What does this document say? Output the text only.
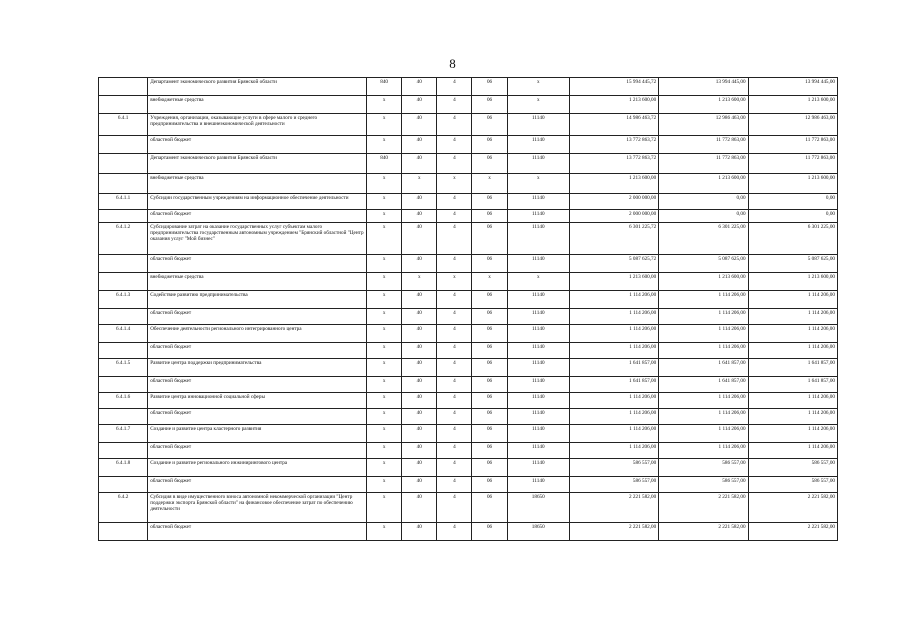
8
	Департамент экономического развития Брянской области	840	40	4	06	х	15 994 445,72	13 994 445,00	13 994 445,00
	внебюджетные средства	х	40	4	06	х	1 213 600,00	1 213 600,00	1 213 600,00
6.4.1	Учреждения, организации, оказывающие услуги в сфере малого и среднего предпринимательства и внешнеэкономической деятельности	х	40	4	06	11140	14 986 463,72	12 986 463,00	12 986 463,00
	областной бюджет	х	40	4	06	11140	13 772 863,72	11 772 863,00	11 772 863,00
	Департамент экономического развития Брянской области	840	40	4	06	11140	13 772 863,72	11 772 863,00	11 772 863,00
	внебюджетные средства	х	х	х	х	х	1 213 600,00	1 213 600,00	1 213 600,00
6.4.1.1	Субсидии государственным учреждениям на информационное обеспечение деятельности	х	40	4	06	11140	2 000 000,00	0,00	0,00
	областной бюджет	х	40	4	06	11140	2 000 000,00	0,00	0,00
6.4.1.2	Субсидирование затрат на оказание государственных услуг субъектам малого предпринимательства государственным автономным учреждением "Брянский областной "Центр оказания услуг "Мой бизнес"	х	40	4	06	11140	6 301 225,72	6 301 225,00	6 301 225,00
	областной бюджет	х	40	4	06	11140	5 087 625,72	5 087 625,00	5 087 625,00
	внебюджетные средства	х	х	х	х	х	1 213 600,00	1 213 600,00	1 213 600,00
6.4.1.3	Содействие развитию предпринимательства	х	40	4	06	11140	1 114 206,00	1 114 206,00	1 114 206,00
	областной бюджет	х	40	4	06	11140	1 114 206,00	1 114 206,00	1 114 206,00
6.4.1.4	Обеспечение деятельности регионального интегрированного центра	х	40	4	06	11140	1 114 206,00	1 114 206,00	1 114 206,00
	областной бюджет	х	40	4	06	11140	1 114 206,00	1 114 206,00	1 114 206,00
6.4.1.5	Развитие центра поддержки предпринимательства	х	40	4	06	11140	1 641 857,00	1 641 857,00	1 641 857,00
	областной бюджет	х	40	4	06	11140	1 641 857,00	1 641 857,00	1 641 857,00
6.4.1.6	Развитие центра инновационной социальной сферы	х	40	4	06	11140	1 114 206,00	1 114 206,00	1 114 206,00
	областной бюджет	х	40	4	06	11140	1 114 206,00	1 114 206,00	1 114 206,00
6.4.1.7	Создание и развитие центра кластерного развития	х	40	4	06	11140	1 114 206,00	1 114 206,00	1 114 206,00
	областной бюджет	х	40	4	06	11140	1 114 206,00	1 114 206,00	1 114 206,00
6.4.1.8	Создание и развитие регионального инжинирингового центра	х	40	4	06	11140	586 557,00	586 557,00	586 557,00
	областной бюджет	х	40	4	06	11140	586 557,00	586 557,00	586 557,00
6.4.2	Субсидия в виде имущественного взноса автономной некоммерческой организации "Центр поддержки экспорта Брянской области" на финансовое обеспечение затрат по обеспечению деятельности	х	40	4	06	18650	2 221 582,00	2 221 582,00	2 221 582,00
	областной бюджет	х	40	4	06	18650	2 221 582,00	2 221 582,00	2 221 582,00
